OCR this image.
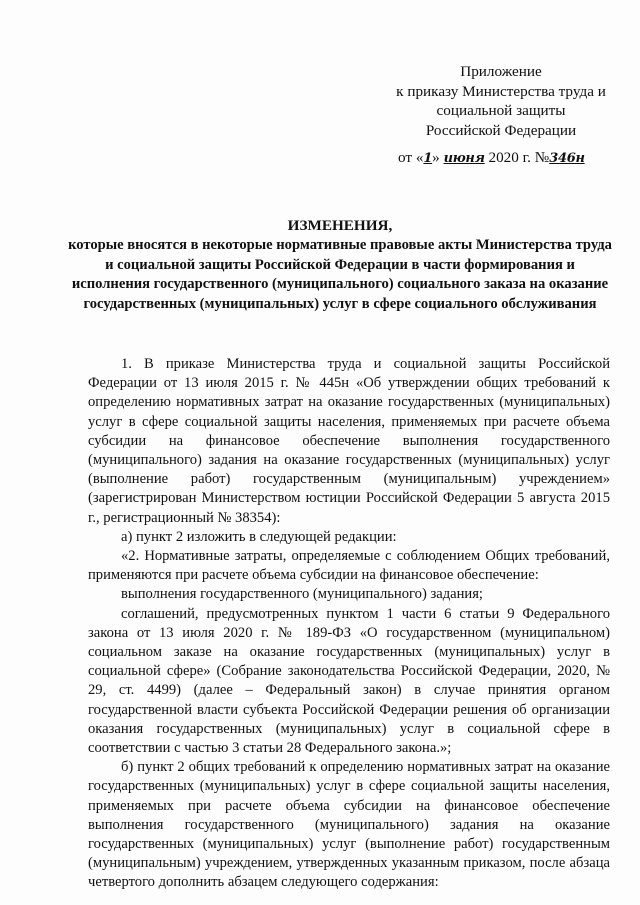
Приложение
к приказу Министерства труда и
социальной защиты
Российской Федерации
от «1» июня 2020 г. №346н
ИЗМЕНЕНИЯ,
которые вносятся в некоторые нормативные правовые акты Министерства труда и социальной защиты Российской Федерации в части формирования и исполнения государственного (муниципального) социального заказа на оказание государственных (муниципальных) услуг в сфере социального обслуживания

1. В приказе Министерства труда и социальной защиты Российской Федерации от 13 июля 2015 г. № 445н «Об утверждении общих требований к определению нормативных затрат на оказание государственных (муниципальных) услуг в сфере социальной защиты населения, применяемых при расчете объема субсидии на финансовое обеспечение выполнения государственного (муниципального) задания на оказание государственных (муниципальных) услуг (выполнение работ) государственным (муниципальным) учреждением» (зарегистрирован Министерством юстиции Российской Федерации 5 августа 2015 г., регистрационный № 38354):

а) пункт 2 изложить в следующей редакции:

«2. Нормативные затраты, определяемые с соблюдением Общих требований, применяются при расчете объема субсидии на финансовое обеспечение:

выполнения государственного (муниципального) задания;

соглашений, предусмотренных пунктом 1 части 6 статьи 9 Федерального закона от 13 июля 2020 г. № 189-ФЗ «О государственном (муниципальном) социальном заказе на оказание государственных (муниципальных) услуг в социальной сфере» (Собрание законодательства Российской Федерации, 2020, № 29, ст. 4499) (далее – Федеральный закон) в случае принятия органом государственной власти субъекта Российской Федерации решения об организации оказания государственных (муниципальных) услуг в социальной сфере в соответствии с частью 3 статьи 28 Федерального закона.»;

б) пункт 2 общих требований к определению нормативных затрат на оказание государственных (муниципальных) услуг в сфере социальной защиты населения, применяемых при расчете объема субсидии на финансовое обеспечение выполнения государственного (муниципального) задания на оказание государственных (муниципальных) услуг (выполнение работ) государственным (муниципальным) учреждением, утвержденных указанным приказом, после абзаца четвертого дополнить абзацем следующего содержания:
